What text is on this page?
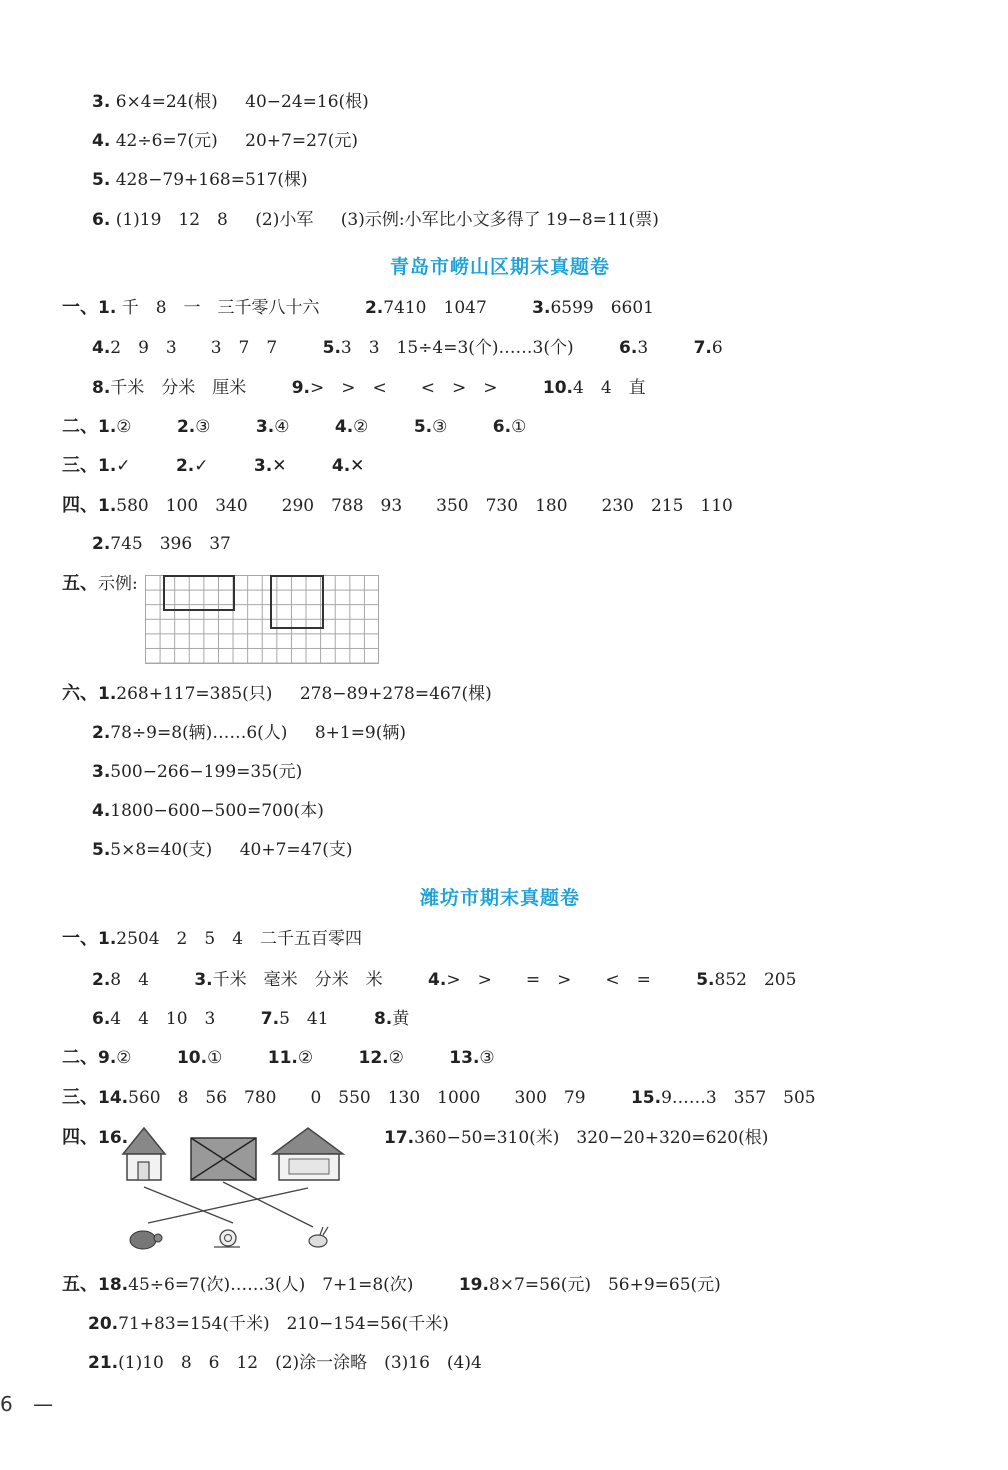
3. 6×4=24(根) 40−24=16(根)
4. 42÷6=7(元) 20+7=27(元)
5. 428−79+168=517(棵)
6. (1)19　12　8 (2)小军 (3)示例:小军比小文多得了 19−8=11(票)
青岛市崂山区期末真题卷
一、1. 千　8　一　三千零八十六	2.7410　1047	3.6599　6601
4.2　9　3　　3　7　7	5.3　3　15÷4=3(个)……3(个)	6.3	7.6
8.千米　分米　厘米	9.>　>　<　　<　>　>	10.4　4　直
二、1.②	2.③	3.④	4.②	5.③	6.①
三、1.✓	2.✓	3.✕	4.✕
四、1.580　100　340　　290　788　93　　350　730　180　　230　215　110
2.745　396　37
五、示例:
六、1.268+117=385(只) 278−89+278=467(棵)
2.78÷9=8(辆)……6(人) 8+1=9(辆)
3.500−266−199=35(元)
4.1800−600−500=700(本)
5.5×8=40(支) 40+7=47(支)
潍坊市期末真题卷
一、1.2504　2　5　4　二千五百零四
2.8　4	3.千米　毫米　分米　米	4.>　>　　=　>　　<　=	5.852　205
6.4　4　10　3	7.5　41	8.黄
二、9.②	10.①	11.②	12.②	13.③
三、14.560　8　56　780　　0　550　130　1000　　300　79	15.9……3　357　505
四、16.	17.360−50=310(米)　320−20+320=620(根)
五、18.45÷6=7(次)……3(人)　7+1=8(次)	19.8×7=56(元)　56+9=65(元)
20.71+83=154(千米)　210−154=56(千米)
21.(1)10　8　6　12　(2)涂一涂略　(3)16　(4)4
6 —
